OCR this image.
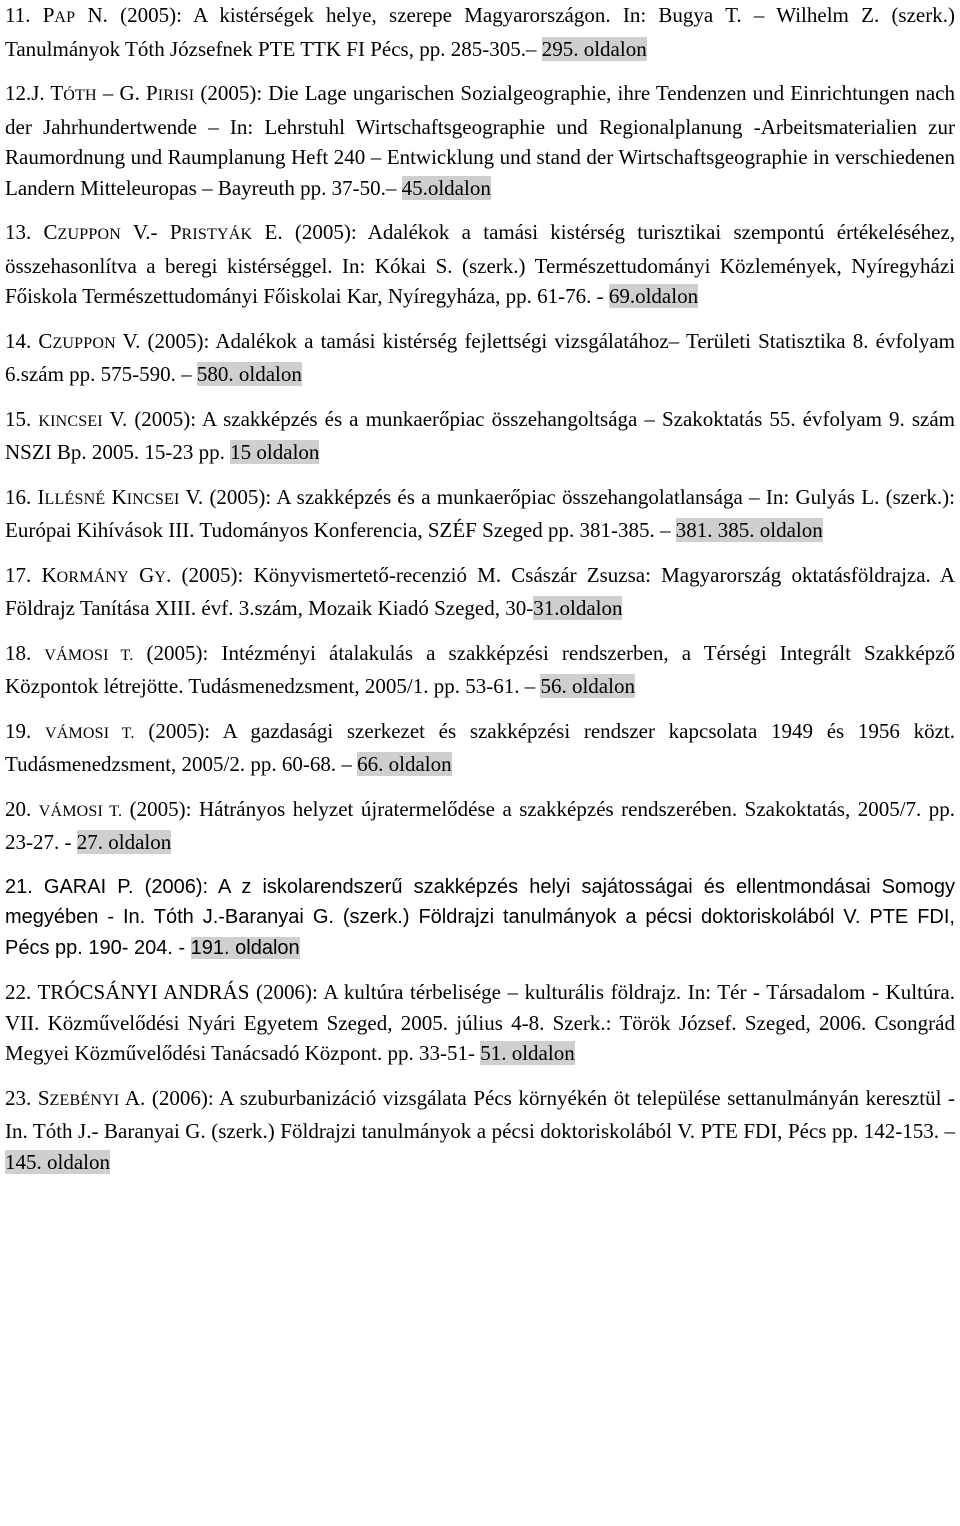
11. PAP N. (2005): A kistérségek helye, szerepe Magyarországon. In: Bugya T. – Wilhelm Z. (szerk.) Tanulmányok Tóth Józsefnek PTE TTK FI Pécs, pp. 285-305.– 295. oldalon
12.J. TÓTH – G. PIRISI (2005): Die Lage ungarischen Sozialgeographie, ihre Tendenzen und Einrichtungen nach der Jahrhundertwende – In: Lehrstuhl Wirtschaftsgeographie und Regionalplanung -Arbeitsmaterialien zur Raumordnung und Raumplanung Heft 240 – Entwicklung und stand der Wirtschaftsgeographie in verschiedenen Landern Mitteleuropas – Bayreuth pp. 37-50.– 45.oldalon
13. CZUPPON V.- PRISTYÁK E. (2005): Adalékok a tamási kistérség turisztikai szempontú értékeléséhez, összehasonlítva a beregi kistérséggel. In: Kókai S. (szerk.) Természettudományi Közlemények, Nyíregyházi Főiskola Természettudományi Főiskolai Kar, Nyíregyháza, pp. 61-76. - 69.oldalon
14. CZUPPON V. (2005): Adalékok a tamási kistérség fejlettségi vizsgálatához– Területi Statisztika 8. évfolyam 6.szám pp. 575-590. – 580. oldalon
15. KINCSEI V. (2005): A szakképzés és a munkaerőpiac összehangoltsága – Szakoktatás 55. évfolyam 9. szám NSZI Bp. 2005. 15-23 pp. 15 oldalon
16. ILLÉSNÉ KINCSEI V. (2005): A szakképzés és a munkaerőpiac összehangolatlansága – In: Gulyás L. (szerk.): Európai Kihívások III. Tudományos Konferencia, SZÉF Szeged pp. 381-385. – 381. 385. oldalon
17. KORMÁNY GY. (2005): Könyvismertető-recenzió M. Császár Zsuzsa: Magyarország oktatásföldrajza. A Földrajz Tanítása XIII. évf. 3.szám, Mozaik Kiadó Szeged, 30-31.oldalon
18. VÁMOSI T. (2005): Intézményi átalakulás a szakképzési rendszerben, a Térségi Integrált Szakképző Központok létrejötte. Tudásmenedzsment, 2005/1. pp. 53-61. – 56. oldalon
19. VÁMOSI T. (2005): A gazdasági szerkezet és szakképzési rendszer kapcsolata 1949 és 1956 közt. Tudásmenedzsment, 2005/2. pp. 60-68. – 66. oldalon
20. VÁMOSI T. (2005): Hátrányos helyzet újratermelődése a szakképzés rendszerében. Szakoktatás, 2005/7. pp. 23-27. - 27. oldalon
21. GARAI P. (2006): A z iskolarendszerű szakképzés helyi sajátosságai és ellentmondásai Somogy megyében - In. Tóth J.-Baranyai G. (szerk.) Földrajzi tanulmányok a pécsi doktoriskolából V. PTE FDI, Pécs pp. 190- 204. - 191. oldalon
22. TRÓCSÁNYI ANDRÁS (2006): A kultúra térbelisége – kulturális földrajz. In: Tér - Társadalom - Kultúra. VII. Közművelődési Nyári Egyetem Szeged, 2005. július 4-8. Szerk.: Török József. Szeged, 2006. Csongrád Megyei Közművelődési Tanácsadó Központ. pp. 33-51- 51. oldalon
23. SZEBÉNYI A. (2006): A szuburbanizáció vizsgálata Pécs környékén öt települése settanulmányán keresztül - In. Tóth J.- Baranyai G. (szerk.) Földrajzi tanulmányok a pécsi doktoriskolából V. PTE FDI, Pécs pp. 142-153. – 145. oldalon
